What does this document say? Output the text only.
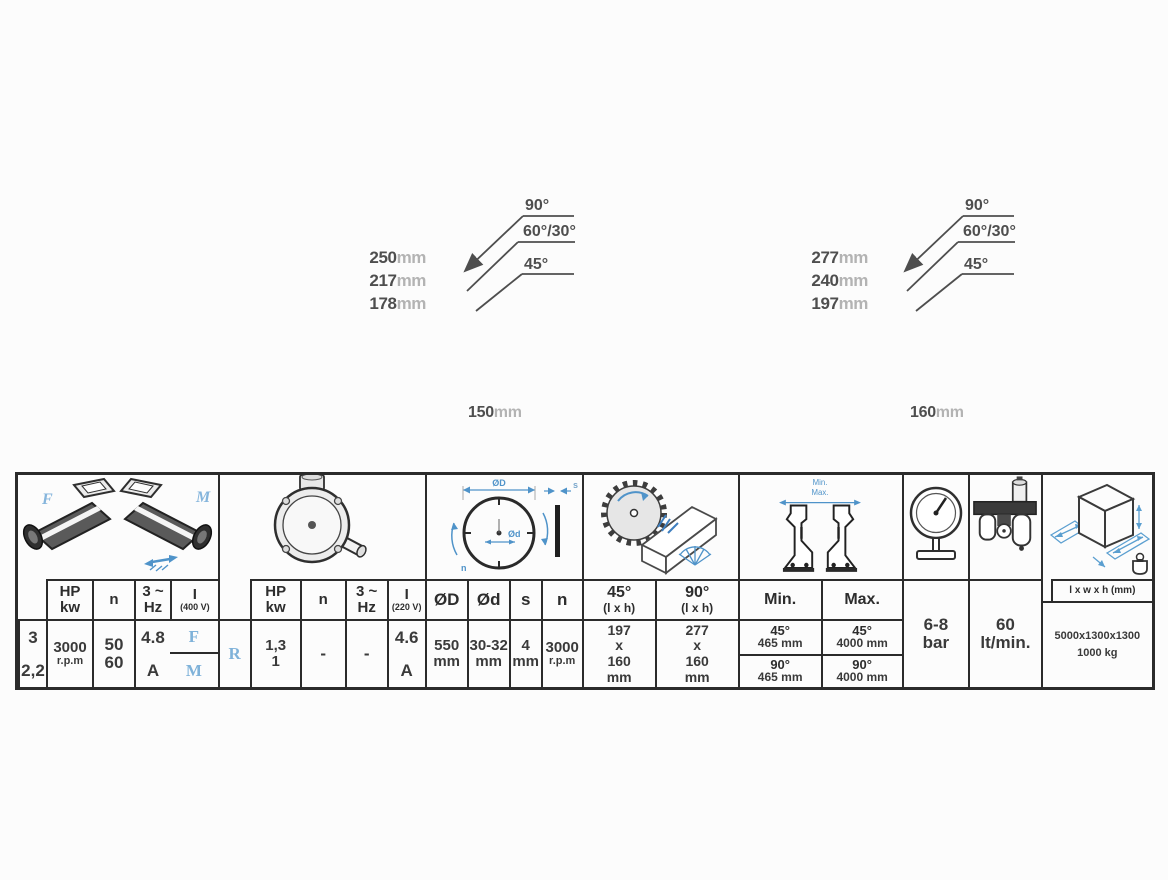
90°
60°/30°
45°
250mm
217mm
178mm
150mm
90°
60°/30°
45°
277mm
240mm
197mm
160mm
F	M
HP
kw n 3 ~
Hz
I
(400 V)
F
3
2,2
3000
r.p.m
50
60
4.8
A M
HP
kw n 3 ~
Hz
I
(220 V)
R 1,3
1 - -
4.6
A
ØD
Ød
n
s
ØD Ød s n
550
mm
30-32
mm
4
mm
3000
r.p.m
45°
(l x h)
90°
(l x h)
197
x
160
mm
277
x
160
mm
Min.
Max.
Min.	Max.
45°
465 mm
45°
4000 mm
90°
465 mm
90°
4000 mm
6-8
bar
60
lt/min.
l x w x h (mm)
5000x1300x1300
1000 kg
